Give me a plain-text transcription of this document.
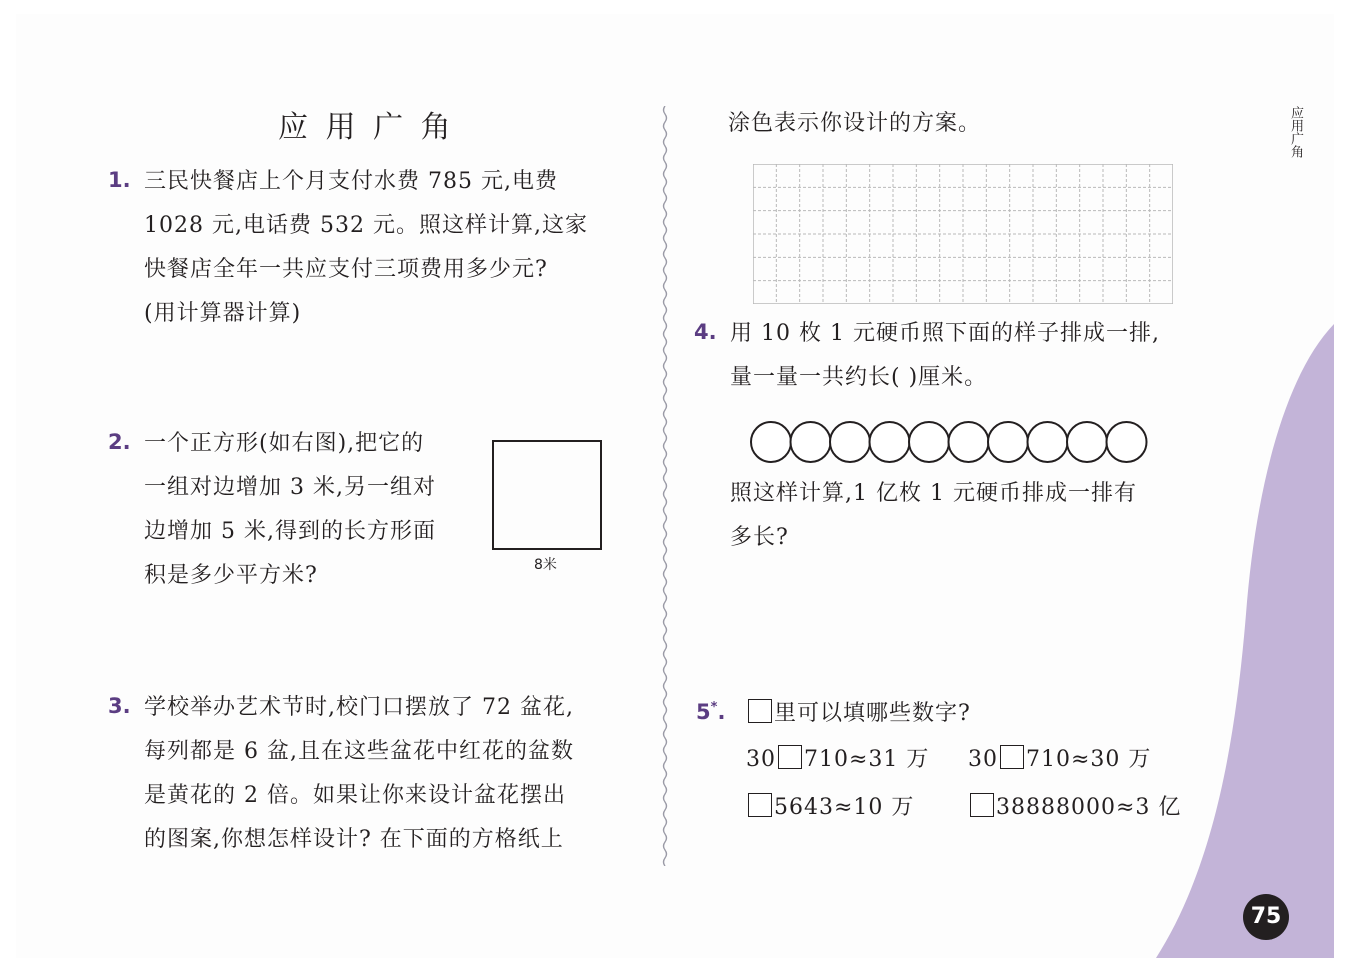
应 用 广 角	应用广角
1. 三民快餐店上个月支付水费 785 元,电费
1028 元,电话费 532 元。照这样计算,这家
快餐店全年一共应支付三项费用多少元?
(用计算器计算)
2. 一个正方形(如右图),把它的
一组对边增加 3 米,另一组对
边增加 5 米,得到的长方形面
积是多少平方米?	8米
3. 学校举办艺术节时,校门口摆放了 72 盆花,
每列都是 6 盆,且在这些盆花中红花的盆数
是黄花的 2 倍。如果让你来设计盆花摆出
的图案,你想怎样设计? 在下面的方格纸上
涂色表示你设计的方案。
4. 用 10 枚 1 元硬币照下面的样子排成一排,
量一量一共约长( )厘米。
照这样计算,1 亿枚 1 元硬币排成一排有
多长?
5*.	里可以填哪些数字?
30 710≈31 万 30 710≈30 万
5643≈10 万	38888000≈3 亿
75
